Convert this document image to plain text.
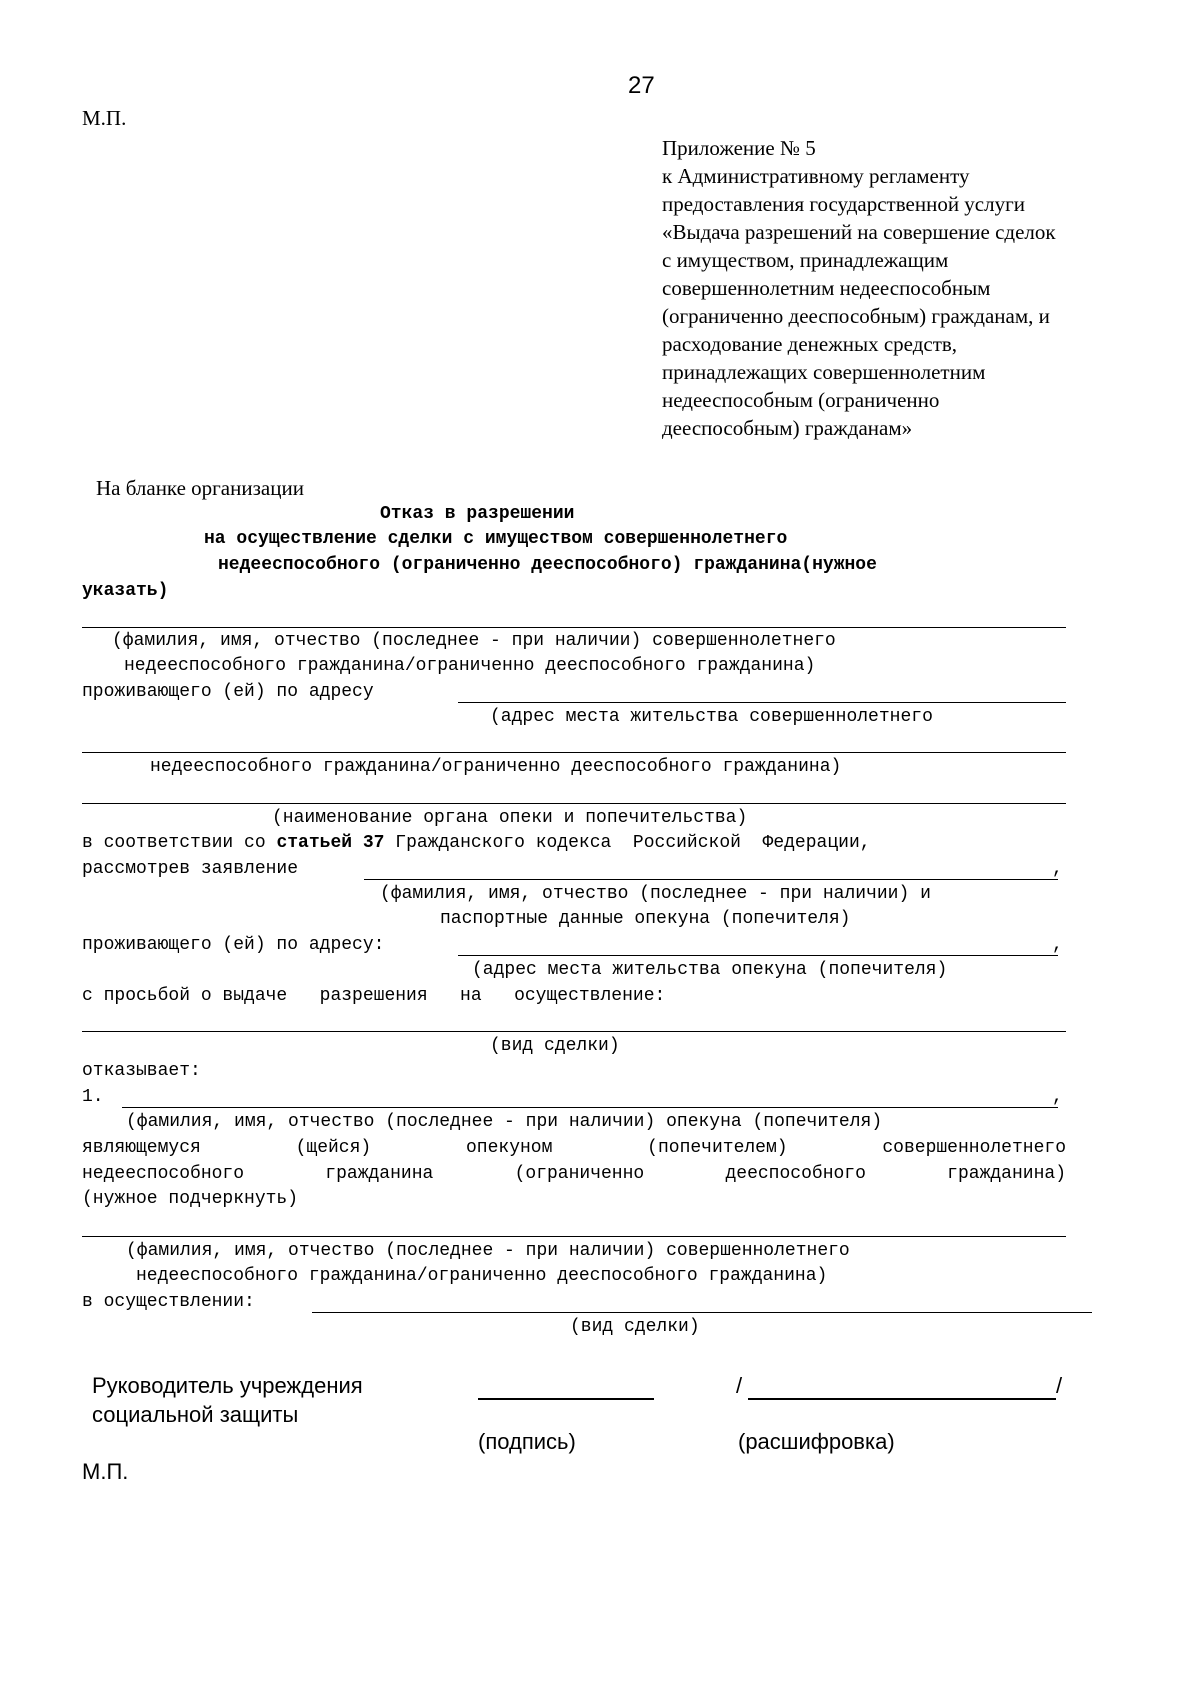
27
М.П.
Приложение № 5
к Административному регламенту
предоставления государственной услуги
«Выдача разрешений на совершение сделок
с имуществом, принадлежащим
совершеннолетним недееспособным
(ограниченно дееспособным) гражданам, и
расходование денежных средств,
принадлежащих совершеннолетним
недееспособным (ограниченно
дееспособным) гражданам»
На бланке организации
Отказ в разрешении
на осуществление сделки с имуществом совершеннолетнего
недееспособного (ограниченно дееспособного) гражданина(нужное
указать)
(фамилия, имя, отчество (последнее - при наличии) совершеннолетнего
недееспособного гражданина/ограниченно дееспособного гражданина)
проживающего (ей) по адресу
(адрес места жительства совершеннолетнего
недееспособного гражданина/ограниченно дееспособного гражданина)
(наименование органа опеки и попечительства)
в соответствии со статьей 37 Гражданского кодекса  Российской  Федерации,
рассмотрев заявление	,
(фамилия, имя, отчество (последнее - при наличии) и
паспортные данные опекуна (попечителя)
проживающего (ей) по адресу:	,
(адрес места жительства опекуна (попечителя)
с просьбой о выдаче   разрешения   на   осуществление:
(вид сделки)
отказывает:
1.	,
(фамилия, имя, отчество (последнее - при наличии) опекуна (попечителя)
являющемуся (щейся) опекуном (попечителем) совершеннолетнего
недееспособного гражданина (ограниченно дееспособного гражданина)
(нужное подчеркнуть)
(фамилия, имя, отчество (последнее - при наличии) совершеннолетнего
недееспособного гражданина/ограниченно дееспособного гражданина)
в осуществлении:
(вид сделки)
Руководитель учреждения
социальной защиты
/	/
(подпись)	(расшифровка)
М.П.
